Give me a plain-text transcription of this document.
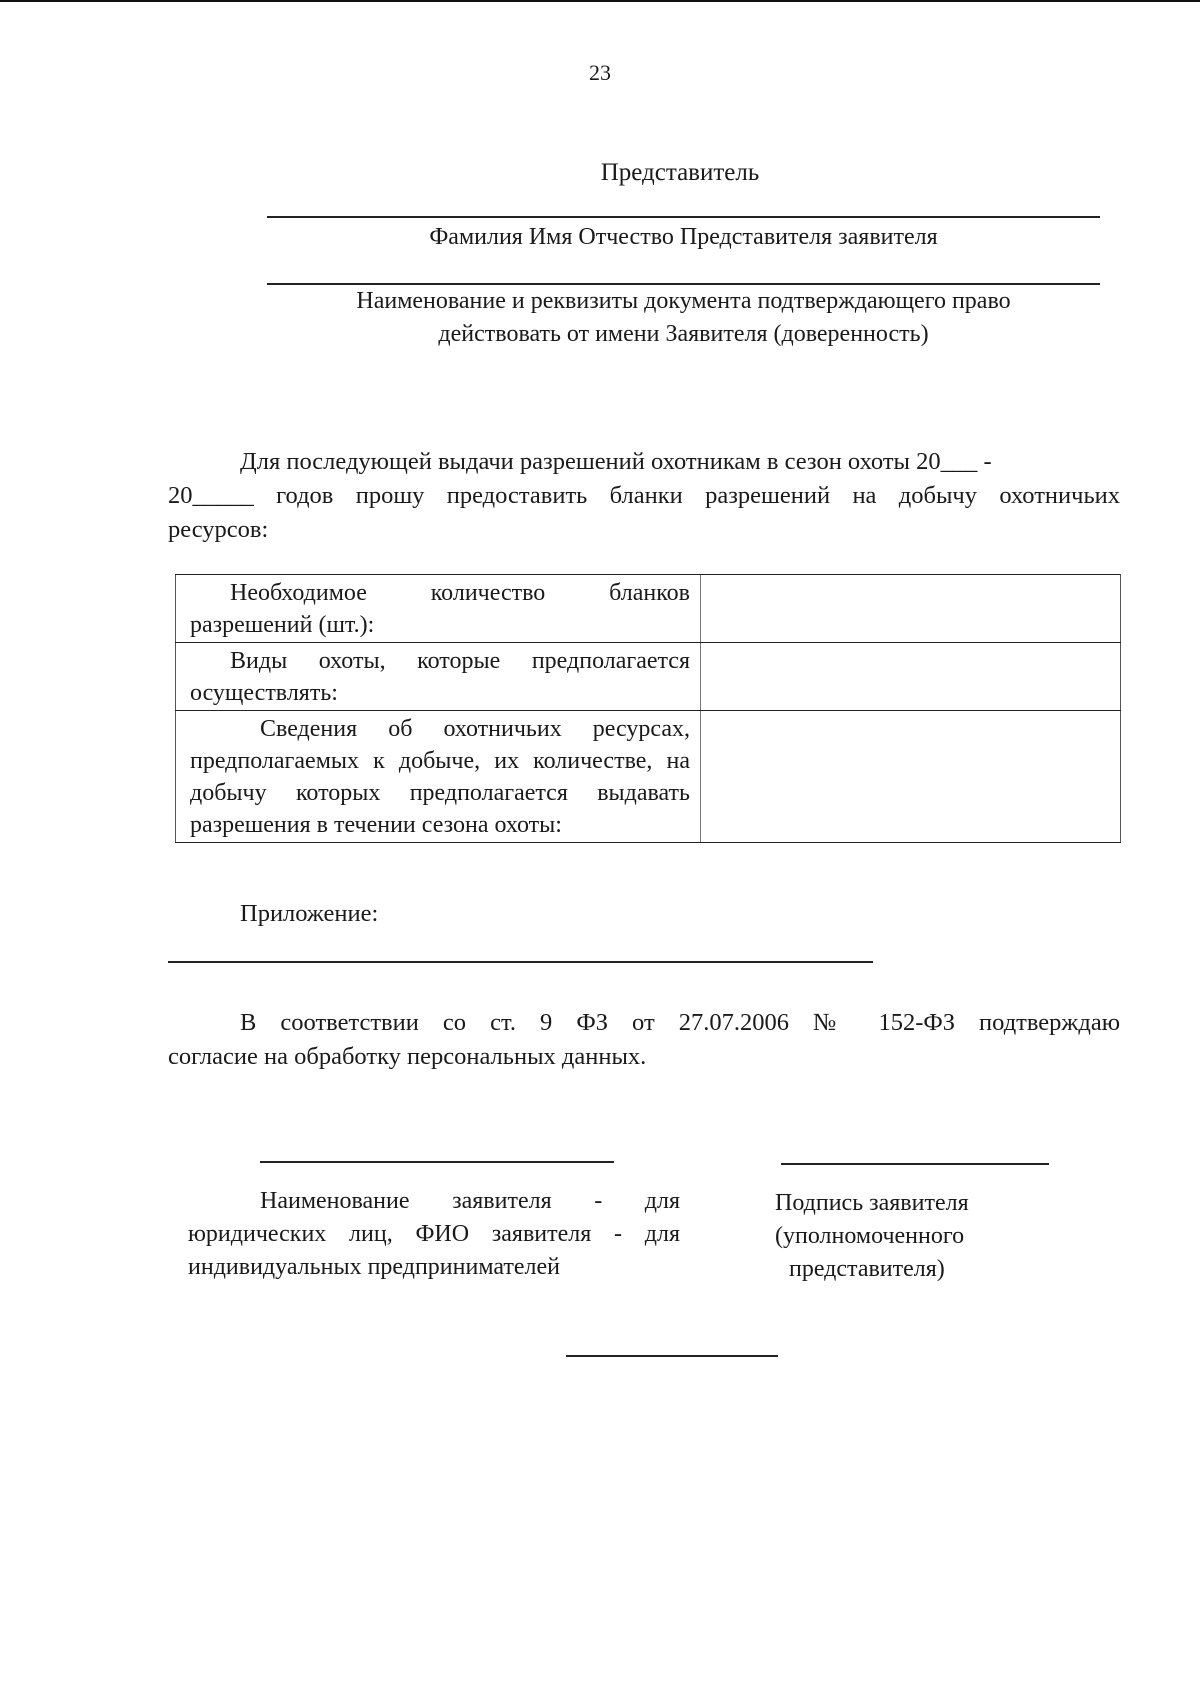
23
Представитель
Фамилия Имя Отчество Представителя заявителя
Наименование и реквизиты документа подтверждающего право
действовать от имени Заявителя (доверенность)
Для последующей выдачи разрешений охотникам в сезон охоты 20___ -
20_____ годов прошу предоставить бланки разрешений на добычу охотничьих
ресурсов:
Необходимое количество бланков разрешений (шт.):	
Виды охоты, которые предполагается осуществлять:	
Сведения об охотничьих ресурсах, предполагаемых к добыче, их количестве, на добычу которых предполагается выдавать разрешения в течении сезона охоты:	
Приложение:
В соответствии со ст. 9 ФЗ от 27.07.2006 № 152-ФЗ подтверждаю
согласие на обработку персональных данных.
Наименование заявителя - для
юридических лиц, ФИО заявителя - для
индивидуальных предпринимателей
Подпись заявителя
(уполномоченного
представителя)
